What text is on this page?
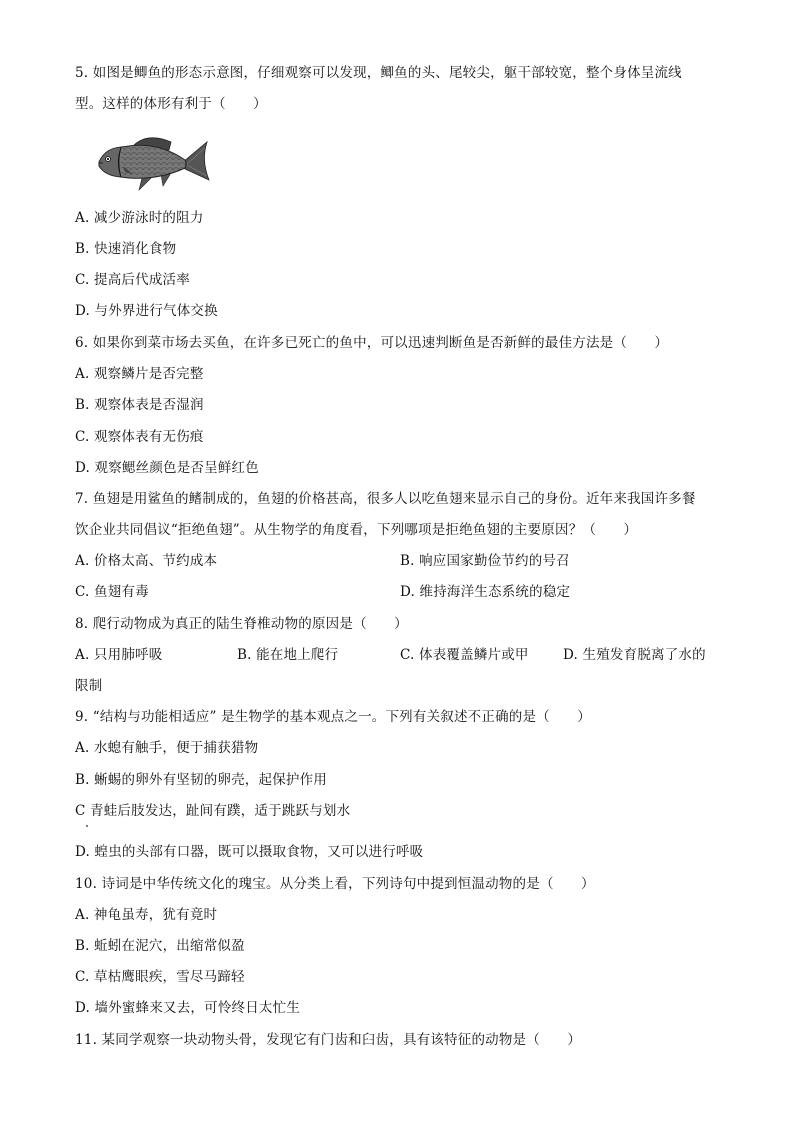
5. 如图是鲫鱼的形态示意图，仔细观察可以发现，鲫鱼的头、尾较尖，躯干部较宽，整个身体呈流线
型。这样的体形有利于（　　）
A. 减少游泳时的阻力
B. 快速消化食物
C. 提高后代成活率
D. 与外界进行气体交换
6. 如果你到菜市场去买鱼，在许多已死亡的鱼中，可以迅速判断鱼是否新鲜的最佳方法是（　　）
A. 观察鳞片是否完整
B. 观察体表是否湿润
C. 观察体表有无伤痕
D. 观察鳃丝颜色是否呈鲜红色
7. 鱼翅是用鲨鱼的鳍制成的，鱼翅的价格甚高，很多人以吃鱼翅来显示自己的身份。近年来我国许多餐
饮企业共同倡议“拒绝鱼翅”。从生物学的角度看，下列哪项是拒绝鱼翅的主要原因？（　　）
A. 价格太高、节约成本	B. 响应国家勤俭节约的号召
C. 鱼翅有毒	D. 维持海洋生态系统的稳定
8. 爬行动物成为真正的陆生脊椎动物的原因是（　　）
A. 只用肺呼吸	B. 能在地上爬行	C. 体表覆盖鳞片或甲	D. 生殖发育脱离了水的
限制
9. “结构与功能相适应” 是生物学的基本观点之一。下列有关叙述不正确的是（　　）
A. 水螅有触手，便于捕获猎物
B. 蜥蜴的卵外有坚韧的卵壳，起保护作用
C 青蛙后肢发达，趾间有蹼，适于跳跃与划水
D. 蝗虫的头部有口器，既可以摄取食物，又可以进行呼吸
10. 诗词是中华传统文化的瑰宝。从分类上看，下列诗句中提到恒温动物的是（　　）
A. 神龟虽寿，犹有竟时
B. 蚯蚓在泥穴，出缩常似盈
C. 草枯鹰眼疾，雪尽马蹄轻
D. 墙外蜜蜂来又去，可怜终日太忙生
11. 某同学观察一块动物头骨，发现它有门齿和臼齿，具有该特征的动物是（　　）
